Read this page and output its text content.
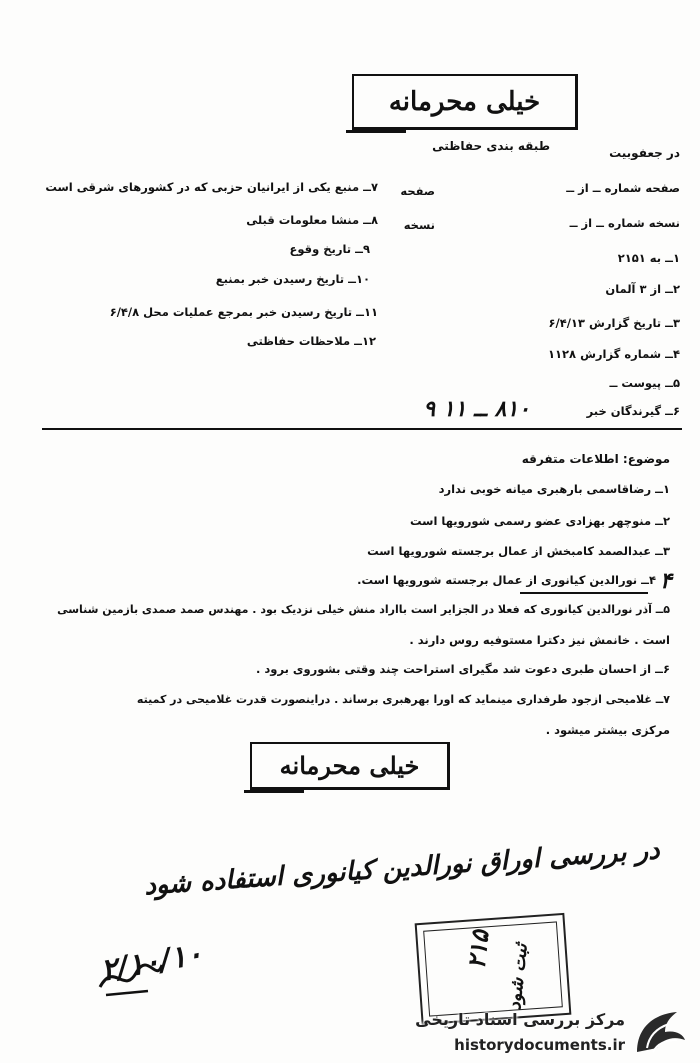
خیلی محرمانه
طبقه بندی حفاظتی	در جعفوبیت
صفحه شماره ــ از ــ
نسخه شماره ــ از ــ
۱ــ به ۲۱۵۱
۲ــ از ۳ آلمان
۳ــ تاریخ گزارش ۶/۴/۱۳
۴ــ شماره گزارش ۱۱۲۸
۵ــ پیوست ــ
۶ــ گیرندگان خبر
۸۱۰ ــ ۱۱ ۹
صفحه
نسخه
۷ــ منبع یکی از ایرانیان حزبی که در کشورهای شرقی است
۸ــ منشا معلومات قبلی
۹ــ تاریخ وقوع
۱۰ــ تاریخ رسیدن خبر بمنبع
۱۱ــ تاریخ رسیدن خبر بمرجع عملیات محل ۶/۴/۸
۱۲ــ ملاحظات حفاظتی
موضوع: اطلاعات متفرقه
۱ــ رضاقاسمی بارهبری میانه خوبی ندارد
۲ــ منوچهر بهزادی عضو رسمی شورویها است
۳ــ عبدالصمد کامبخش از عمال برجسته شورویها است
۴ــ نورالدین کیانوری از عمال برجسته شورویها است. ۴
۵ــ آذر نورالدین کیانوری که فعلا در الجزایر است بااراد منش خیلی نزدیک بود . مهندس صمد صمدی بازمین شناسی
است . خانمش نیز دکترا مستوفیه روس دارند .
۶ــ از احسان طبری دعوت شد مگیرای استراحت چند وقتی بشوروی برود .
۷ــ غلامیحی ازجود طرفداری مینماید که اورا بهرهبری برساند . دراینصورت قدرت غلامیحی در کمیته
مرکزی بیشتر میشود .
خیلی محرمانه
در بررسی اوراق نورالدین کیانوری استفاده شود
۲/۱۰/۱۰	۲۱۵ ثبت شود
مرکز بررسی اسناد تاریخی
historydocuments.ir
